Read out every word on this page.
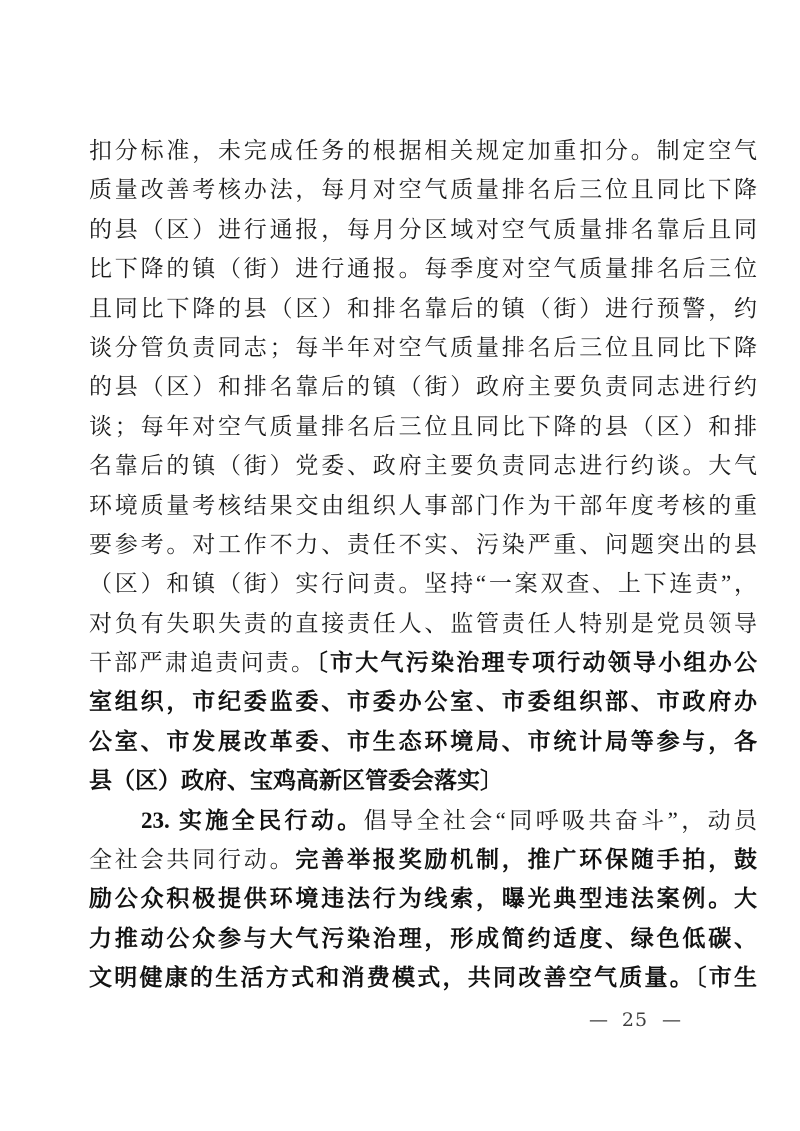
扣分标准，未完成任务的根据相关规定加重扣分。制定空气
质量改善考核办法，每月对空气质量排名后三位且同比下降
的县（区）进行通报，每月分区域对空气质量排名靠后且同
比下降的镇（街）进行通报。每季度对空气质量排名后三位
且同比下降的县（区）和排名靠后的镇（街）进行预警，约
谈分管负责同志；每半年对空气质量排名后三位且同比下降
的县（区）和排名靠后的镇（街）政府主要负责同志进行约
谈；每年对空气质量排名后三位且同比下降的县（区）和排
名靠后的镇（街）党委、政府主要负责同志进行约谈。大气
环境质量考核结果交由组织人事部门作为干部年度考核的重
要参考。对工作不力、责任不实、污染严重、问题突出的县
（区）和镇（街）实行问责。坚持“一案双查、上下连责”，
对负有失职失责的直接责任人、监管责任人特别是党员领导
干部严肃追责问责。〔市大气污染治理专项行动领导小组办公
室组织，市纪委监委、市委办公室、市委组织部、市政府办
公室、市发展改革委、市生态环境局、市统计局等参与，各
县（区）政府、宝鸡高新区管委会落实〕
23. 实施全民行动。倡导全社会“同呼吸共奋斗”，动员
全社会共同行动。完善举报奖励机制，推广环保随手拍，鼓
励公众积极提供环境违法行为线索，曝光典型违法案例。大
力推动公众参与大气污染治理，形成简约适度、绿色低碳、
文明健康的生活方式和消费模式，共同改善空气质量。〔市生
— 25 —
